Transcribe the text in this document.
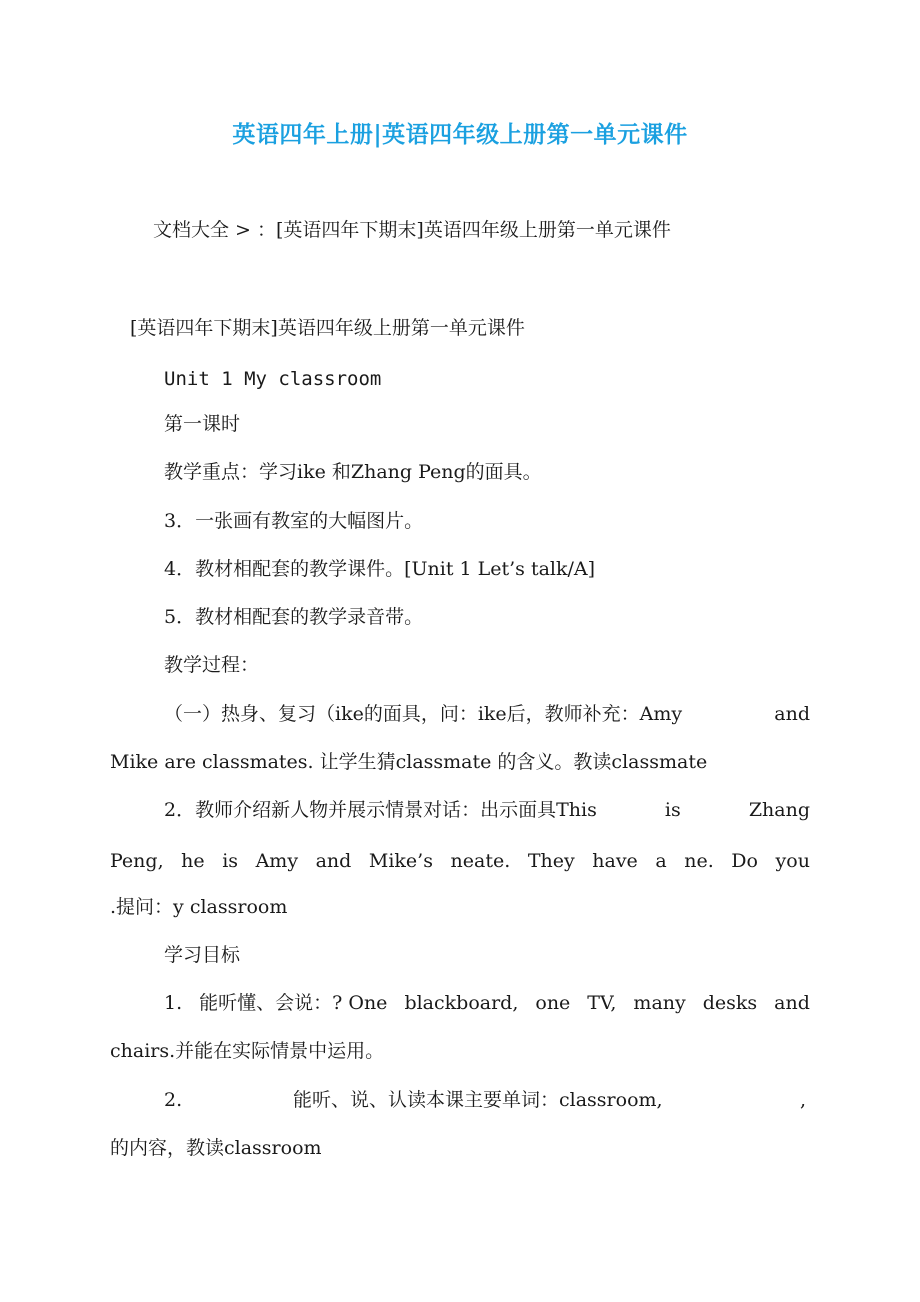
英语四年上册|英语四年级上册第一单元课件
文档大全 > ：[英语四年下期末]英语四年级上册第一单元课件
[英语四年下期末]英语四年级上册第一单元课件
Unit 1 My classroom
第一课时
教学重点：学习ike 和Zhang Peng的面具。
3．一张画有教室的大幅图片。
4．教材相配套的教学课件。[Unit 1 Let’s talk/A]
5．教材相配套的教学录音带。
教学过程：
（一）热身、复习（ike的面具，问：ike后，教师补充：Amy	and
Mike are classmates. 让学生猜classmate 的含义。教读classmate
2．教师介绍新人物并展示情景对话：出示面具This	is	Zhang
Peng, he is Amy and Mike’s neate. They have a ne. Do you
.提问：y classroom
学习目标
1. 能听懂、会说：? One blackboard, one TV, many desks and
chairs.并能在实际情景中运用。
2.	能听、说、认读本课主要单词：classroom,	,
的内容，教读classroom
